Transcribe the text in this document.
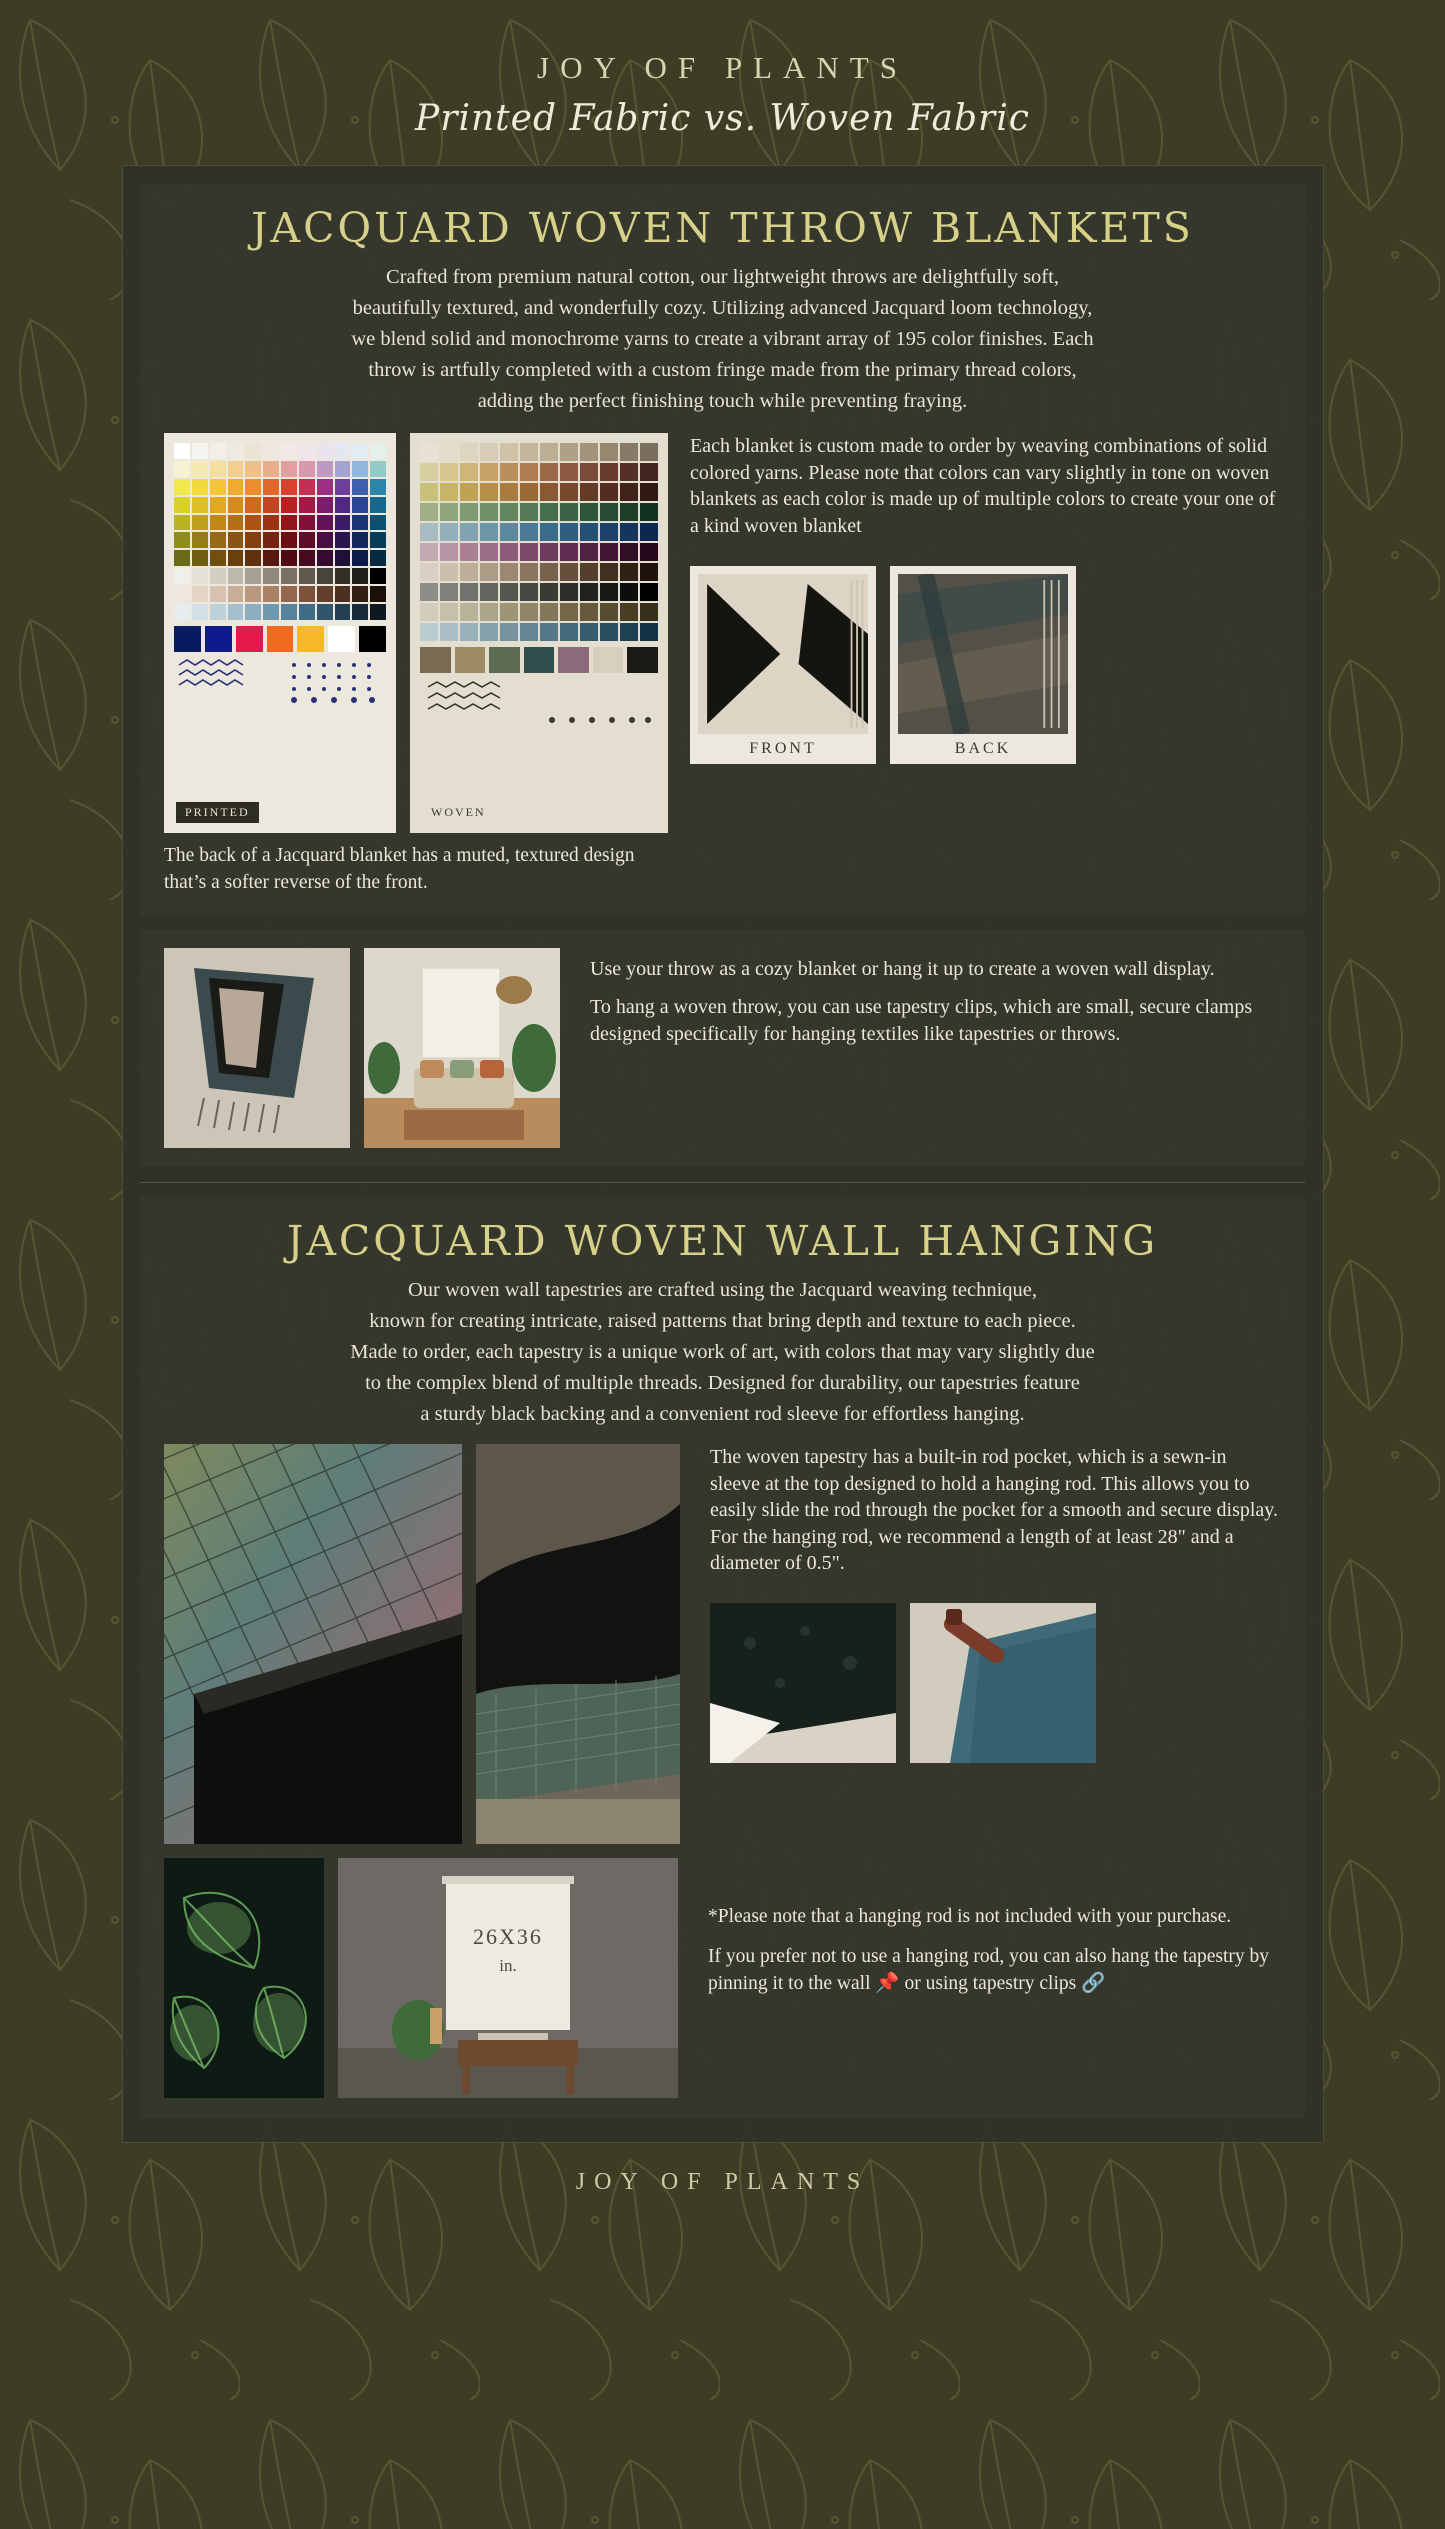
JOY OF PLANTS
Printed Fabric vs. Woven Fabric
JACQUARD WOVEN THROW BLANKETS

Crafted from premium natural cotton, our lightweight throws are delightfully soft,

beautifully textured, and wonderfully cozy. Utilizing advanced Jacquard loom technology,

we blend solid and monochrome yarns to create a vibrant array of 195 color finishes. Each

throw is artfully completed with a custom fringe made from the primary thread colors,

adding the perfect finishing touch while preventing fraying.

PRINTED	WOVEN

Each blanket is custom made to order by weaving combinations of solid colored yarns. Please note that colors can vary slightly in tone on woven blankets as each color is made up of multiple colors to create your one of a kind woven blanket

FRONT	BACK
The back of a Jacquard blanket has a muted, textured design that’s a softer reverse of the front.

Use your throw as a cozy blanket or hang it up to create a woven wall display.

To hang a woven throw, you can use tapestry clips, which are small, secure clamps designed specifically for hanging textiles like tapestries or throws.

JACQUARD WOVEN WALL HANGING

Our woven wall tapestries are crafted using the Jacquard weaving technique,

known for creating intricate, raised patterns that bring depth and texture to each piece.

Made to order, each tapestry is a unique work of art, with colors that may vary slightly due

to the complex blend of multiple threads. Designed for durability, our tapestries feature

a sturdy black backing and a convenient rod sleeve for effortless hanging.

The woven tapestry has a built-in rod pocket, which is a sewn-in sleeve at the top designed to hold a hanging rod. This allows you to easily slide the rod through the pocket for a smooth and secure display. For the hanging rod, we recommend a length of at least 28" and a diameter of 0.5".

26X36
in.
*Please note that a hanging rod is not included with your purchase.
If you prefer not to use a hanging rod, you can also hang the tapestry by pinning it to the wall 📌 or using tapestry clips 🔗
JOY OF PLANTS
